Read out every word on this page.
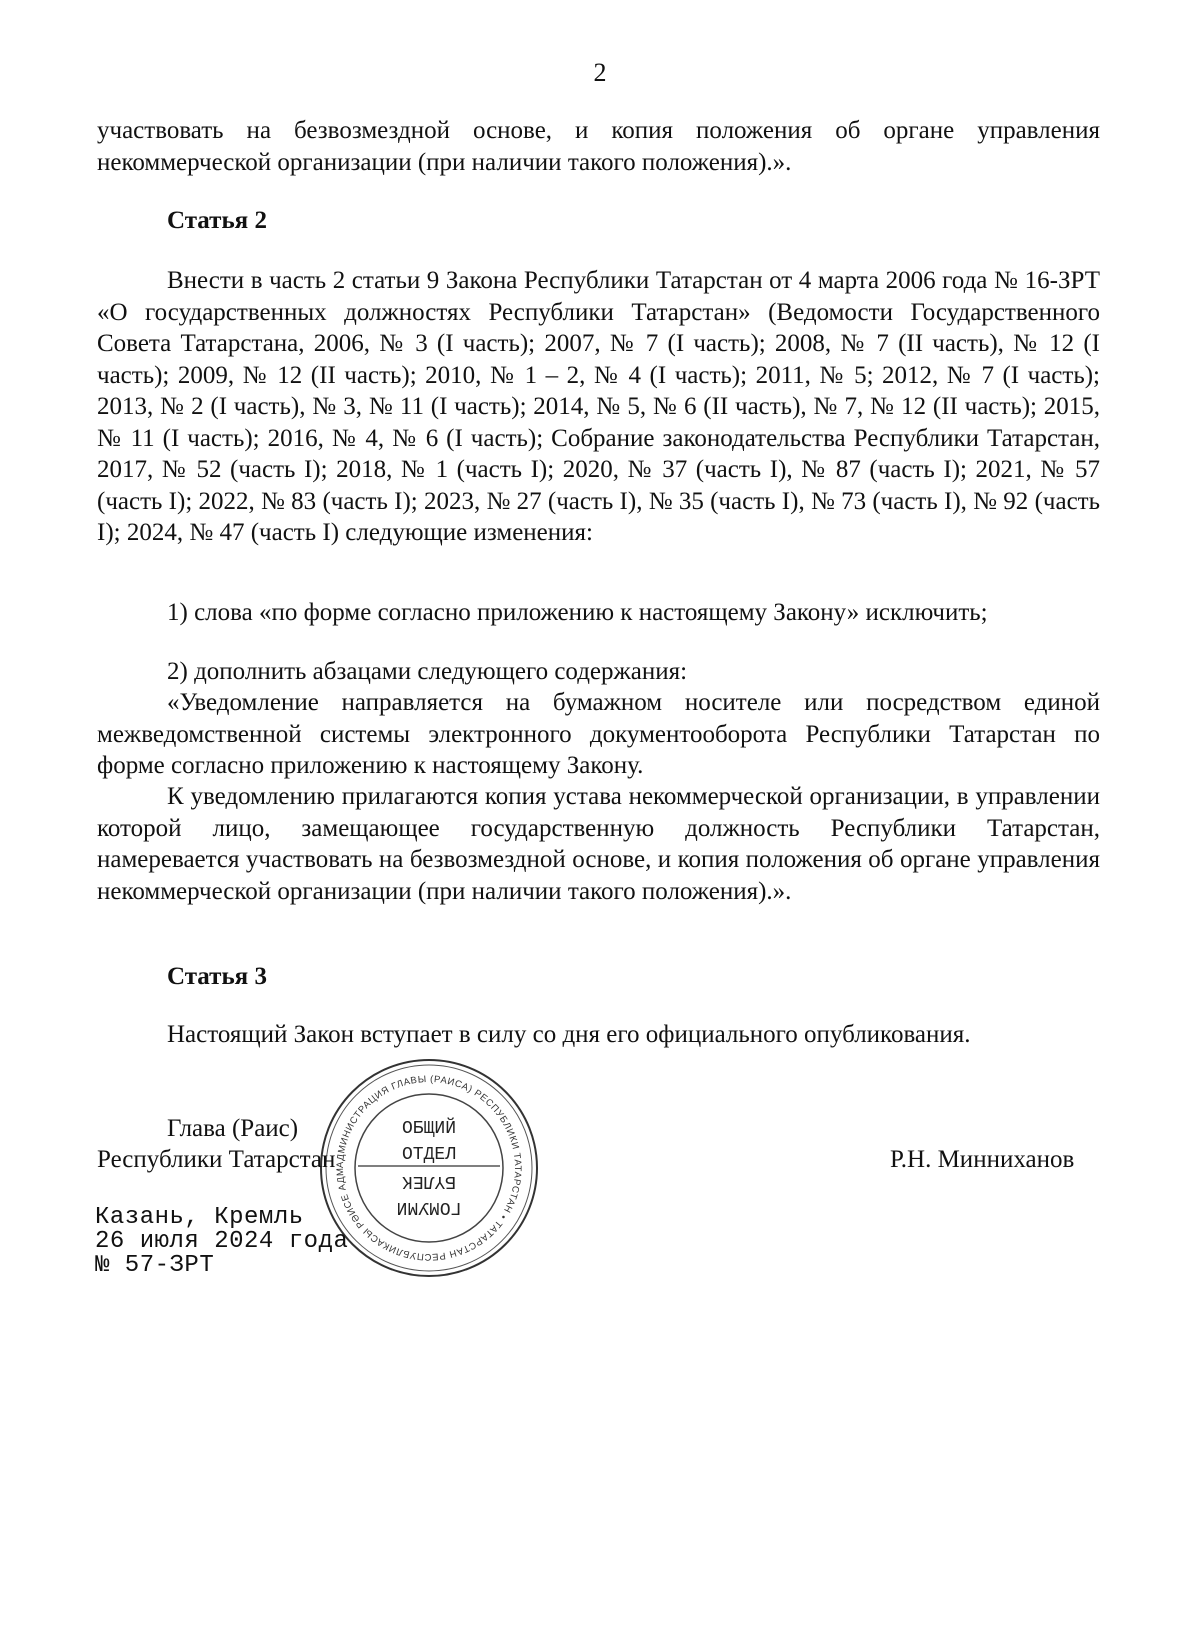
2
участвовать на безвозмездной основе, и копия положения об органе управления некоммерческой организации (при наличии такого положения).».
Статья 2
Внести в часть 2 статьи 9 Закона Республики Татарстан от 4 марта 2006 года № 16-ЗРТ «О государственных должностях Республики Татарстан» (Ведомости Государственного Совета Татарстана, 2006, № 3 (I часть); 2007, № 7 (I часть); 2008, № 7 (II часть), № 12 (I часть); 2009, № 12 (II часть); 2010, № 1 – 2, № 4 (I часть); 2011, № 5; 2012, № 7 (I часть); 2013, № 2 (I часть), № 3, № 11 (I часть); 2014, № 5, № 6 (II часть), № 7, № 12 (II часть); 2015, № 11 (I часть); 2016, № 4, № 6 (I часть); Собрание законодательства Республики Татарстан, 2017, № 52 (часть I); 2018, № 1 (часть I); 2020, № 37 (часть I), № 87 (часть I); 2021, № 57 (часть I); 2022, № 83 (часть I); 2023, № 27 (часть I), № 35 (часть I), № 73 (часть I), № 92 (часть I); 2024, № 47 (часть I) следующие изменения:
1) слова «по форме согласно приложению к настоящему Закону» исключить;
2) дополнить абзацами следующего содержания:
«Уведомление направляется на бумажном носителе или посредством единой межведомственной системы электронного документооборота Республики Татарстан по форме согласно приложению к настоящему Закону.
К уведомлению прилагаются копия устава некоммерческой организации, в управлении которой лицо, замещающее государственную должность Республики Татарстан, намеревается участвовать на безвозмездной основе, и копия положения об органе управления некоммерческой организации (при наличии такого положения).».
Статья 3
Настоящий Закон вступает в силу со дня его официального опубликования.
АДМИНИСТРАЦИЯ ГЛАВЫ (РАИСА) РЕСПУБЛИКИ ТАТАРСТАН • ТАТАРСТАН РЕСПУБЛИКАСЫ РӘИСЕ АДМ
ОБЩИЙ
ОТДЕЛ
БҮЛЕК
ГОМУМИ
Глава (Раис)
Республики Татарстан	Р.Н. Минниханов
Казань, Кремль
26 июля 2024 года
№ 57-ЗРТ
